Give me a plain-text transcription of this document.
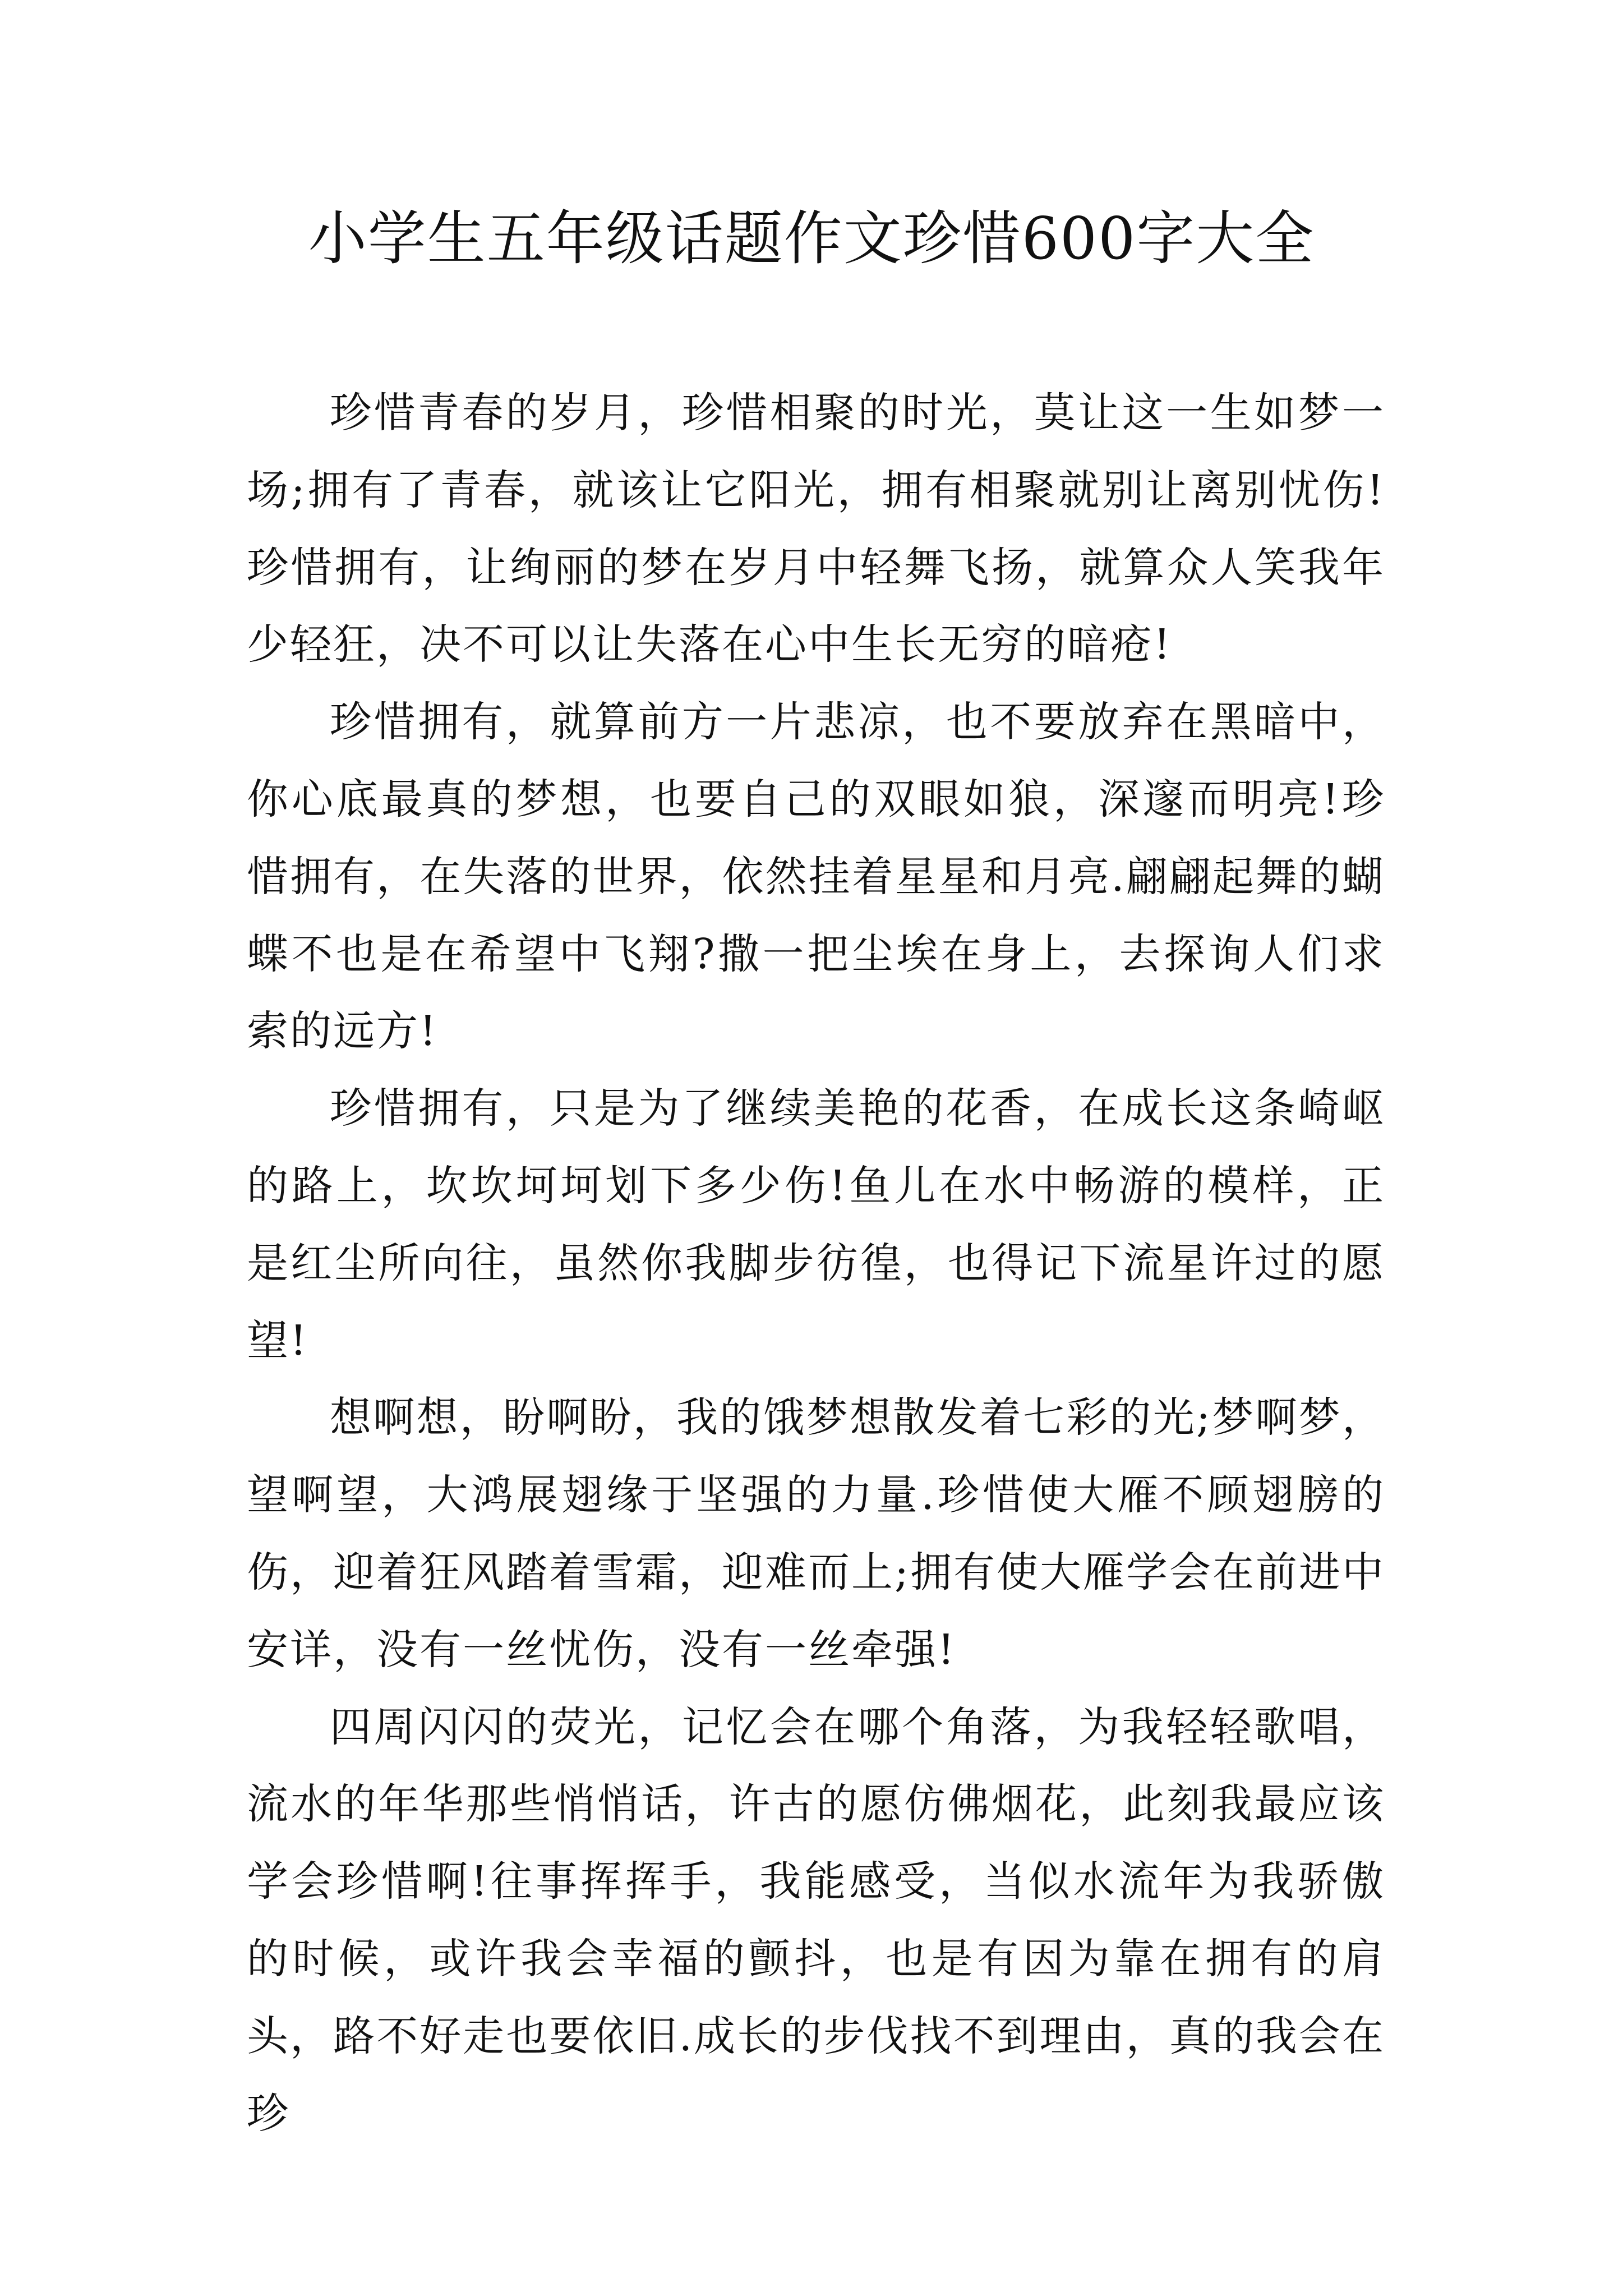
小学生五年级话题作文珍惜600字大全

珍惜青春的岁月，珍惜相聚的时光，莫让这一生如梦一场;拥有了青春，就该让它阳光，拥有相聚就别让离别忧伤!珍惜拥有，让绚丽的梦在岁月中轻舞飞扬，就算众人笑我年少轻狂，决不可以让失落在心中生长无穷的暗疮!

珍惜拥有，就算前方一片悲凉，也不要放弃在黑暗中，你心底最真的梦想，也要自己的双眼如狼，深邃而明亮!珍惜拥有，在失落的世界，依然挂着星星和月亮.翩翩起舞的蝴蝶不也是在希望中飞翔?撒一把尘埃在身上，去探询人们求索的远方!

珍惜拥有，只是为了继续美艳的花香，在成长这条崎岖的路上，坎坎坷坷划下多少伤!鱼儿在水中畅游的模样，正是红尘所向往，虽然你我脚步彷徨，也得记下流星许过的愿望!

想啊想，盼啊盼，我的饿梦想散发着七彩的光;梦啊梦，望啊望，大鸿展翅缘于坚强的力量.珍惜使大雁不顾翅膀的伤，迎着狂风踏着雪霜，迎难而上;拥有使大雁学会在前进中安详，没有一丝忧伤，没有一丝牵强!

四周闪闪的荧光，记忆会在哪个角落，为我轻轻歌唱，流水的年华那些悄悄话，许古的愿仿佛烟花，此刻我最应该学会珍惜啊!往事挥挥手，我能感受，当似水流年为我骄傲的时候，或许我会幸福的颤抖，也是有因为靠在拥有的肩头，路不好走也要依旧.成长的步伐找不到理由，真的我会在珍
